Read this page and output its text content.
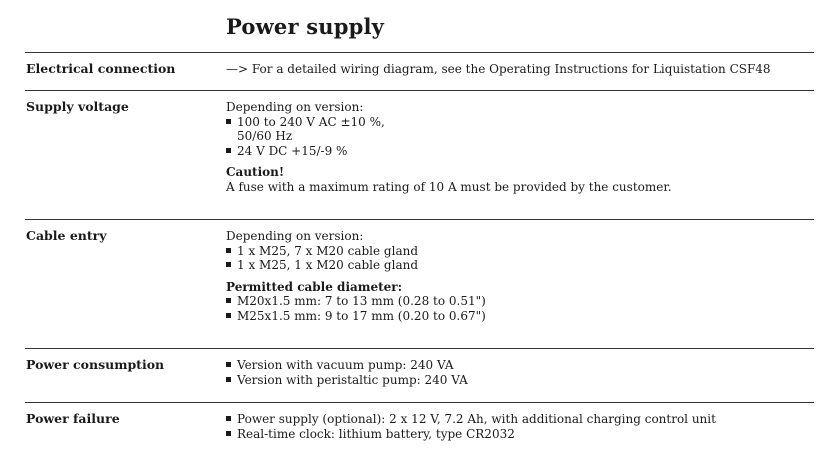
Power supply
Electrical connection	—> For a detailed wiring diagram, see the Operating Instructions for Liquistation CSF48
Supply voltage	Depending on version:
100 to 240 V AC ±10 %,
50/60 Hz
24 V DC +15/-9 %
Caution!
A fuse with a maximum rating of 10 A must be provided by the customer.
Cable entry	Depending on version:
1 x M25, 7 x M20 cable gland
1 x M25, 1 x M20 cable gland
Permitted cable diameter:
M20x1.5 mm: 7 to 13 mm (0.28 to 0.51")
M25x1.5 mm: 9 to 17 mm (0.20 to 0.67")
Power consumption	Version with vacuum pump: 240 VA
Version with peristaltic pump: 240 VA
Power failure	Power supply (optional): 2 x 12 V, 7.2 Ah, with additional charging control unit
Real-time clock: lithium battery, type CR2032
